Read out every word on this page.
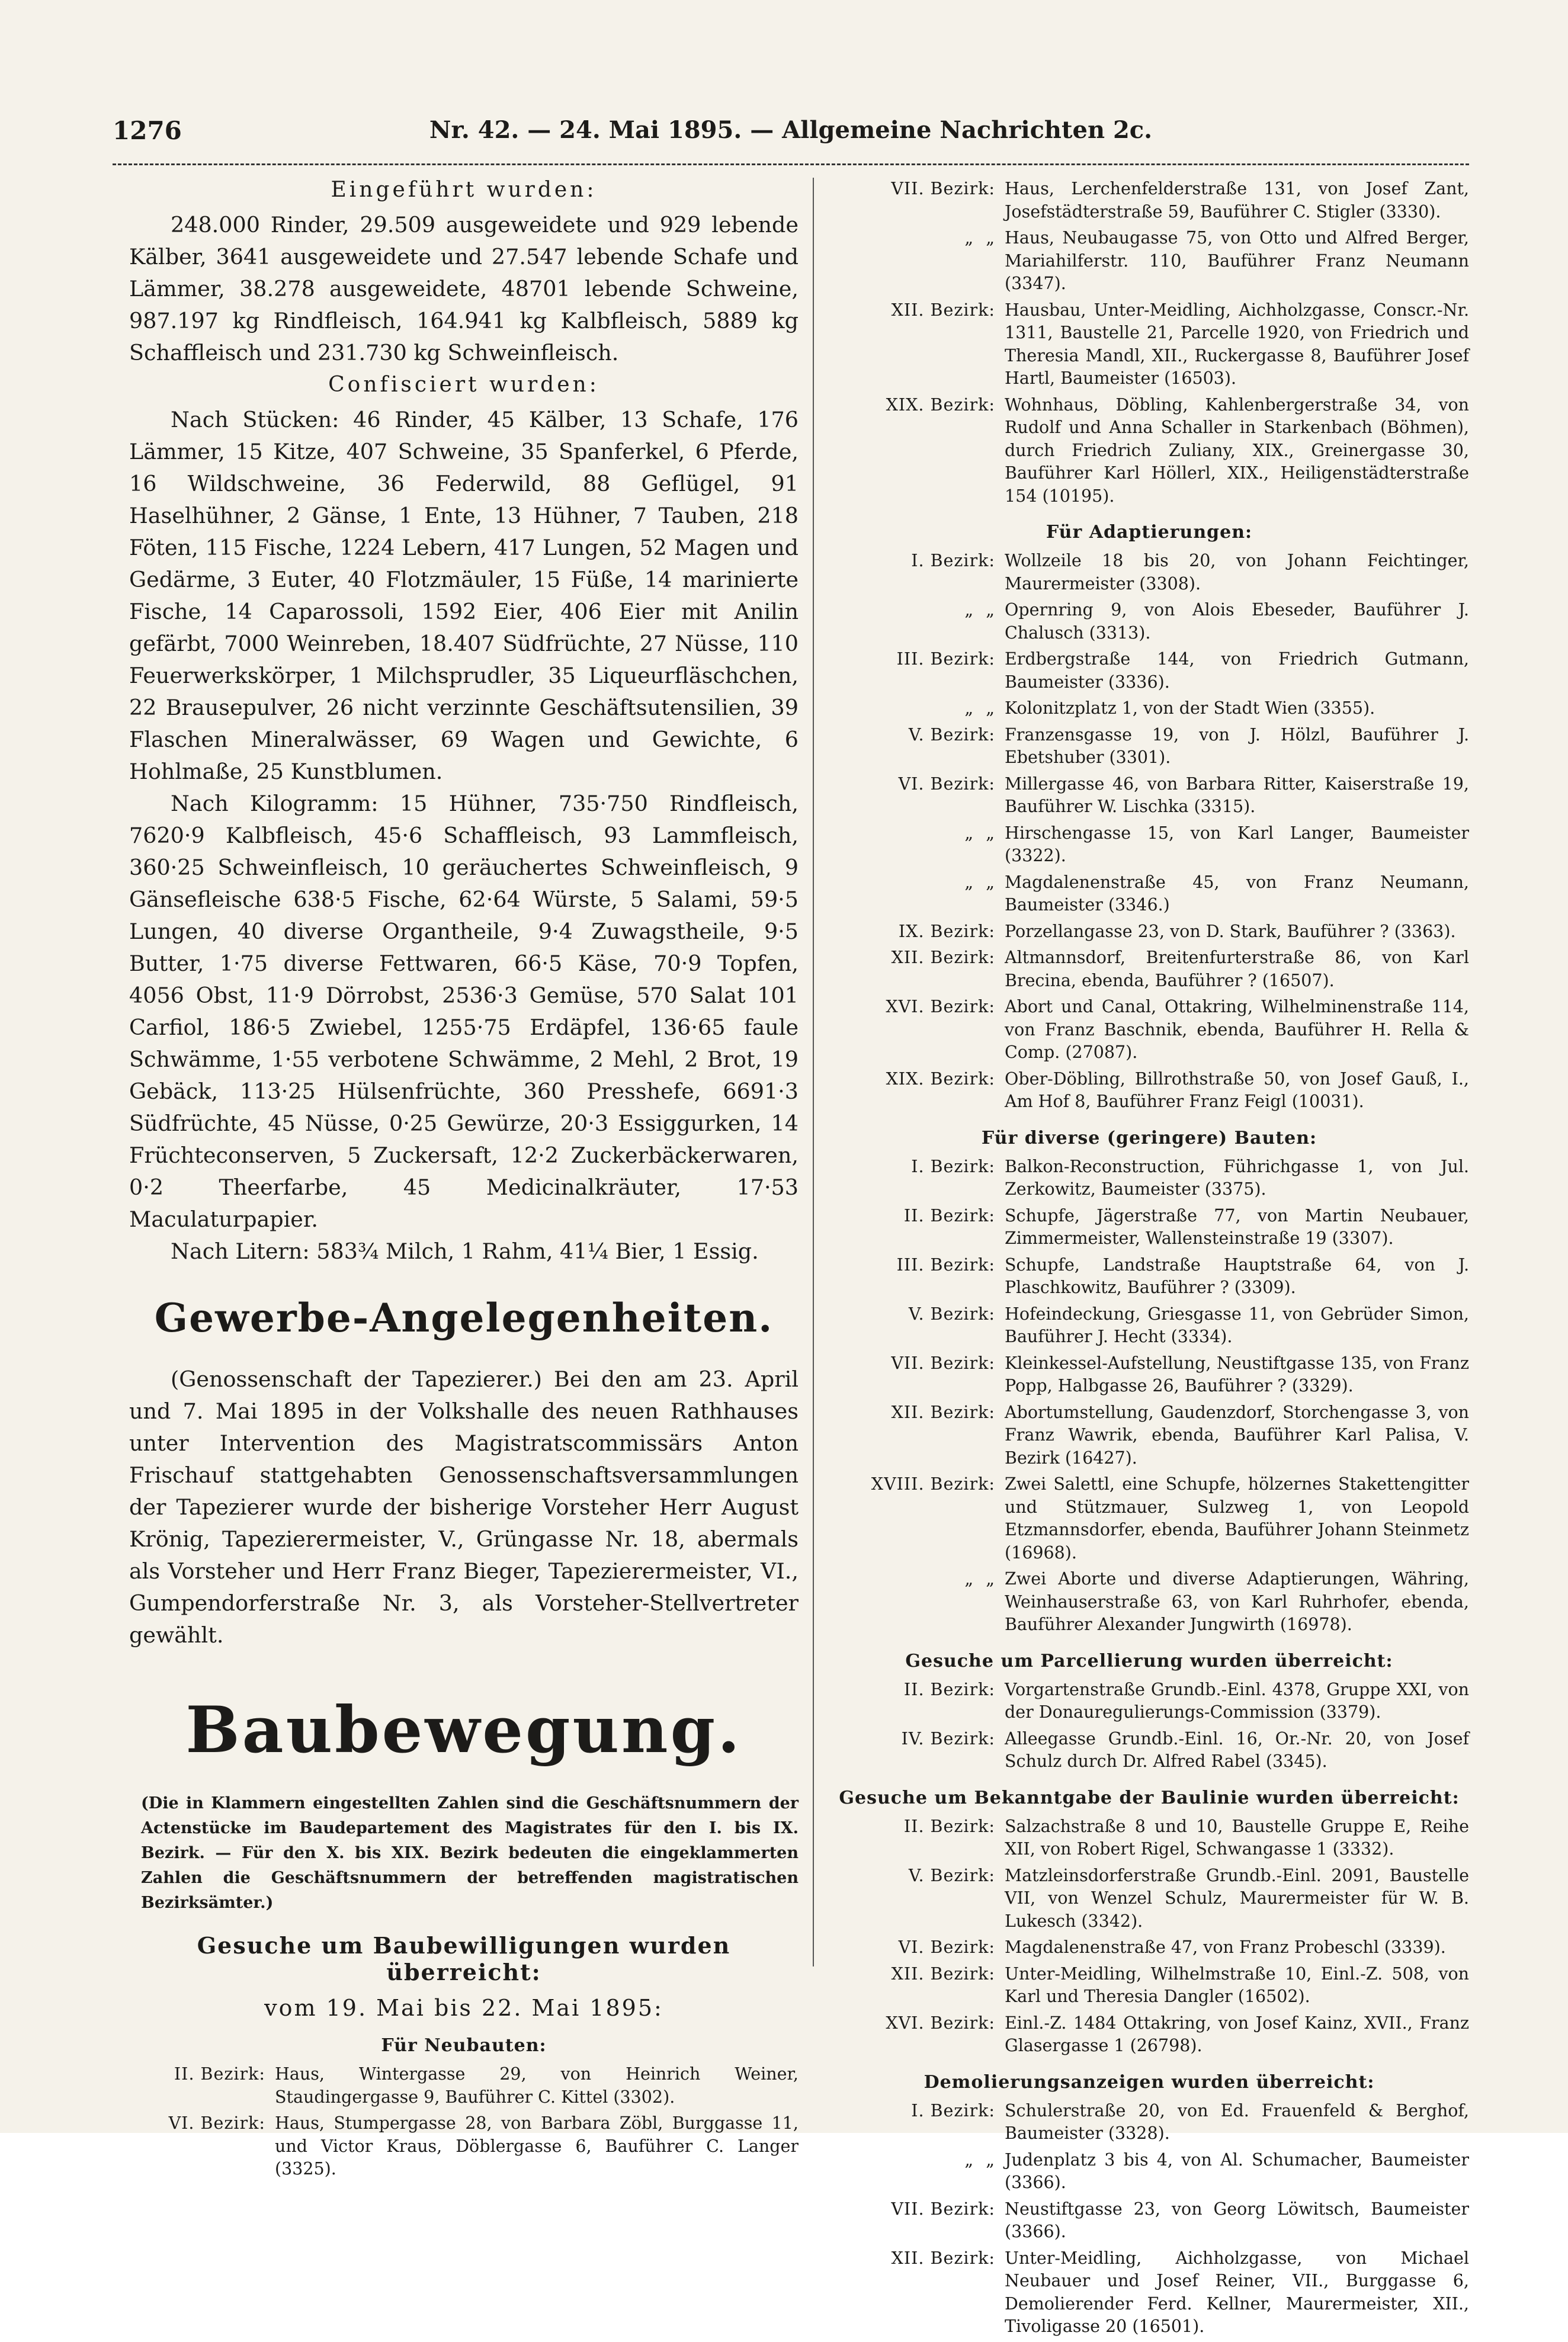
1276	Nr. 42. — 24. Mai 1895. — Allgemeine Nachrichten 2c.
Eingeführt wurden:

248.000 Rinder, 29.509 ausgeweidete und 929 lebende Kälber, 3641 ausgeweidete und 27.547 lebende Schafe und Lämmer, 38.278 ausgeweidete, 48701 lebende Schweine, 987.197 kg Rindfleisch, 164.941 kg Kalbfleisch, 5889 kg Schaffleisch und 231.730 kg Schweinfleisch.

Confisciert wurden:

Nach Stücken: 46 Rinder, 45 Kälber, 13 Schafe, 176 Lämmer, 15 Kitze, 407 Schweine, 35 Spanferkel, 6 Pferde, 16 Wildschweine, 36 Federwild, 88 Geflügel, 91 Haselhühner, 2 Gänse, 1 Ente, 13 Hühner, 7 Tauben, 218 Föten, 115 Fische, 1224 Lebern, 417 Lungen, 52 Magen und Gedärme, 3 Euter, 40 Flotzmäuler, 15 Füße, 14 marinierte Fische, 14 Caparossoli, 1592 Eier, 406 Eier mit Anilin gefärbt, 7000 Weinreben, 18.407 Südfrüchte, 27 Nüsse, 110 Feuerwerkskörper, 1 Milchsprudler, 35 Liqueurfläschchen, 22 Brausepulver, 26 nicht verzinnte Geschäftsutensilien, 39 Flaschen Mineralwässer, 69 Wagen und Gewichte, 6 Hohlmaße, 25 Kunstblumen.

Nach Kilogramm: 15 Hühner, 735·750 Rindfleisch, 7620·9 Kalbfleisch, 45·6 Schaffleisch, 93 Lammfleisch, 360·25 Schweinfleisch, 10 geräuchertes Schweinfleisch, 9 Gänsefleische 638·5 Fische, 62·64 Würste, 5 Salami, 59·5 Lungen, 40 diverse Organtheile, 9·4 Zuwagstheile, 9·5 Butter, 1·75 diverse Fettwaren, 66·5 Käse, 70·9 Topfen, 4056 Obst, 11·9 Dörrobst, 2536·3 Gemüse, 570 Salat 101 Carfiol, 186·5 Zwiebel, 1255·75 Erdäpfel, 136·65 faule Schwämme, 1·55 verbotene Schwämme, 2 Mehl, 2 Brot, 19 Gebäck, 113·25 Hülsenfrüchte, 360 Presshefe, 6691·3 Südfrüchte, 45 Nüsse, 0·25 Gewürze, 20·3 Essiggurken, 14 Früchteconserven, 5 Zuckersaft, 12·2 Zuckerbäckerwaren, 0·2 Theerfarbe, 45 Medicinalkräuter, 17·53 Maculaturpapier.

Nach Litern: 583¾ Milch, 1 Rahm, 41¼ Bier, 1 Essig.

Gewerbe-Angelegenheiten.

(Genossenschaft der Tapezierer.) Bei den am 23. April und 7. Mai 1895 in der Volkshalle des neuen Rathhauses unter Intervention des Magistratscommissärs Anton Frischauf stattgehabten Genossenschaftsversammlungen der Tapezierer wurde der bisherige Vorsteher Herr August Krönig, Tapezierermeister, V., Grüngasse Nr. 18, abermals als Vorsteher und Herr Franz Bieger, Tapezierermeister, VI., Gumpendorferstraße Nr. 3, als Vorsteher-Stellvertreter gewählt.

Baubewegung.

(Die in Klammern eingestellten Zahlen sind die Geschäftsnummern der Actenstücke im Baudepartement des Magistrates für den I. bis IX. Bezirk. — Für den X. bis XIX. Bezirk bedeuten die eingeklammerten Zahlen die Geschäftsnummern der betreffenden magistratischen Bezirksämter.)

Gesuche um Baubewilligungen wurden überreicht:
vom 19. Mai bis 22. Mai 1895:
Für Neubauten:
II. Bezirk: Haus, Wintergasse 29, von Heinrich Weiner, Staudingergasse 9, Bauführer C. Kittel (3302).
VI. Bezirk: Haus, Stumpergasse 28, von Barbara Zöbl, Burggasse 11, und Victor Kraus, Döblergasse 6, Bauführer C. Langer (3325).
VII. Bezirk: Haus, Lerchenfelderstraße 131, von Josef Zant, Josefstädterstraße 59, Bauführer C. Stigler (3330).
„  „ Haus, Neubaugasse 75, von Otto und Alfred Berger, Mariahilferstr. 110, Bauführer Franz Neumann (3347).
XII. Bezirk: Hausbau, Unter-Meidling, Aichholzgasse, Conscr.-Nr. 1311, Baustelle 21, Parcelle 1920, von Friedrich und Theresia Mandl, XII., Ruckergasse 8, Bauführer Josef Hartl, Baumeister (16503).
XIX. Bezirk: Wohnhaus, Döbling, Kahlenbergerstraße 34, von Rudolf und Anna Schaller in Starkenbach (Böhmen), durch Friedrich Zuliany, XIX., Greinergasse 30, Bauführer Karl Höllerl, XIX., Heiligenstädterstraße 154 (10195).
Für Adaptierungen:
I. Bezirk: Wollzeile 18 bis 20, von Johann Feichtinger, Maurermeister (3308).
„  „ Opernring 9, von Alois Ebeseder, Bauführer J. Chalusch (3313).
III. Bezirk: Erdbergstraße 144, von Friedrich Gutmann, Baumeister (3336).
„  „ Kolonitzplatz 1, von der Stadt Wien (3355).
V. Bezirk: Franzensgasse 19, von J. Hölzl, Bauführer J. Ebetshuber (3301).
VI. Bezirk: Millergasse 46, von Barbara Ritter, Kaiserstraße 19, Bauführer W. Lischka (3315).
„  „ Hirschengasse 15, von Karl Langer, Baumeister (3322).
„  „ Magdalenenstraße 45, von Franz Neumann, Baumeister (3346.)
IX. Bezirk: Porzellangasse 23, von D. Stark, Bauführer ? (3363).
XII. Bezirk: Altmannsdorf, Breitenfurterstraße 86, von Karl Brecina, ebenda, Bauführer ? (16507).
XVI. Bezirk: Abort und Canal, Ottakring, Wilhelminenstraße 114, von Franz Baschnik, ebenda, Bauführer H. Rella & Comp. (27087).
XIX. Bezirk: Ober-Döbling, Billrothstraße 50, von Josef Gauß, I., Am Hof 8, Bauführer Franz Feigl (10031).
Für diverse (geringere) Bauten:
I. Bezirk: Balkon-Reconstruction, Führichgasse 1, von Jul. Zerkowitz, Baumeister (3375).
II. Bezirk: Schupfe, Jägerstraße 77, von Martin Neubauer, Zimmermeister, Wallensteinstraße 19 (3307).
III. Bezirk: Schupfe, Landstraße Hauptstraße 64, von J. Plaschkowitz, Bauführer ? (3309).
V. Bezirk: Hofeindeckung, Griesgasse 11, von Gebrüder Simon, Bauführer J. Hecht (3334).
VII. Bezirk: Kleinkessel-Aufstellung, Neustiftgasse 135, von Franz Popp, Halbgasse 26, Bauführer ? (3329).
XII. Bezirk: Abortumstellung, Gaudenzdorf, Storchengasse 3, von Franz Wawrik, ebenda, Bauführer Karl Palisa, V. Bezirk (16427).
XVIII. Bezirk: Zwei Salettl, eine Schupfe, hölzernes Stakettengitter und Stützmauer, Sulzweg 1, von Leopold Etzmannsdorfer, ebenda, Bauführer Johann Steinmetz (16968).
„  „ Zwei Aborte und diverse Adaptierungen, Währing, Weinhauserstraße 63, von Karl Ruhrhofer, ebenda, Bauführer Alexander Jungwirth (16978).
Gesuche um Parcellierung wurden überreicht:
II. Bezirk: Vorgartenstraße Grundb.-Einl. 4378, Gruppe XXI, von der Donauregulierungs-Commission (3379).
IV. Bezirk: Alleegasse Grundb.-Einl. 16, Or.-Nr. 20, von Josef Schulz durch Dr. Alfred Rabel (3345).
Gesuche um Bekanntgabe der Baulinie wurden überreicht:
II. Bezirk: Salzachstraße 8 und 10, Baustelle Gruppe E, Reihe XII, von Robert Rigel, Schwangasse 1 (3332).
V. Bezirk: Matzleinsdorferstraße Grundb.-Einl. 2091, Baustelle VII, von Wenzel Schulz, Maurermeister für W. B. Lukesch (3342).
VI. Bezirk: Magdalenenstraße 47, von Franz Probeschl (3339).
XII. Bezirk: Unter-Meidling, Wilhelmstraße 10, Einl.-Z. 508, von Karl und Theresia Dangler (16502).
XVI. Bezirk: Einl.-Z. 1484 Ottakring, von Josef Kainz, XVII., Franz Glasergasse 1 (26798).
Demolierungsanzeigen wurden überreicht:
I. Bezirk: Schulerstraße 20, von Ed. Frauenfeld & Berghof, Baumeister (3328).
„  „ Judenplatz 3 bis 4, von Al. Schumacher, Baumeister (3366).
VII. Bezirk: Neustiftgasse 23, von Georg Löwitsch, Baumeister (3366).
XII. Bezirk: Unter-Meidling, Aichholzgasse, von Michael Neubauer und Josef Reiner, VII., Burggasse 6, Demolierender Ferd. Kellner, Maurermeister, XII., Tivoligasse 20 (16501).
